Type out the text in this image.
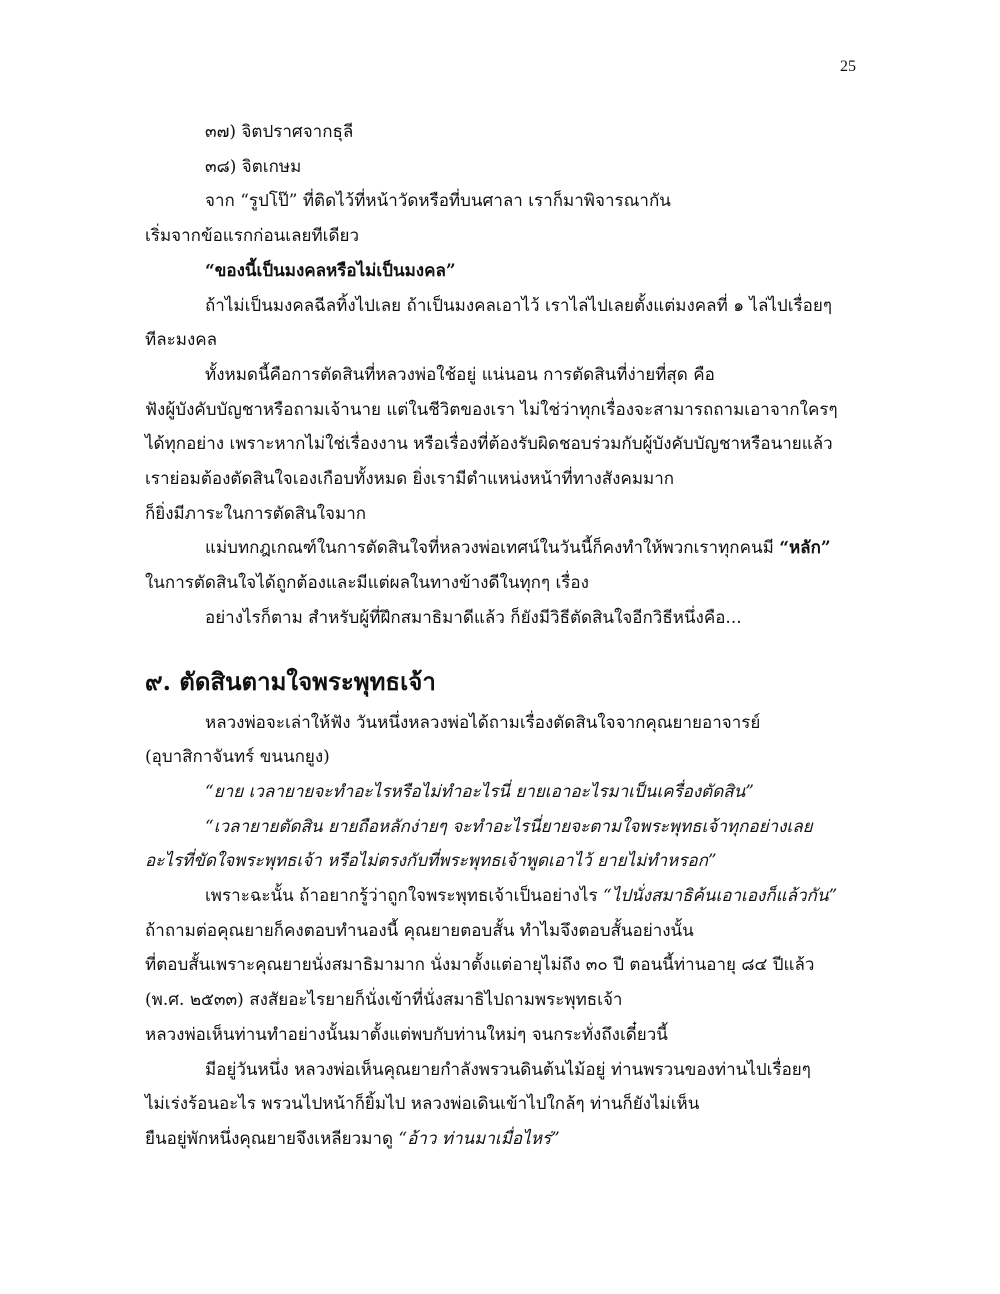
25

๓๗) จิตปราศจากธุลี

๓๘) จิตเกษม

จาก “รูปโป๊” ที่ติดไว้ที่หน้าวัดหรือที่บนศาลา เราก็มาพิจารณากัน

เริ่มจากข้อแรกก่อนเลยทีเดียว

“ของนี้เป็นมงคลหรือไม่เป็นมงคล”

ถ้าไม่เป็นมงคลฉีลทิ้งไปเลย ถ้าเป็นมงคลเอาไว้ เราไล่ไปเลยตั้งแต่มงคลที่ ๑ ไล่ไปเรื่อยๆ

ทีละมงคล

ทั้งหมดนี้คือการตัดสินที่หลวงพ่อใช้อยู่ แน่นอน การตัดสินที่ง่ายที่สุด คือ

ฟังผู้บังคับบัญชาหรือถามเจ้านาย แต่ในชีวิตของเรา ไม่ใช่ว่าทุกเรื่องจะสามารถถามเอาจากใครๆ

ได้ทุกอย่าง เพราะหากไม่ใช่เรื่องงาน หรือเรื่องที่ต้องรับผิดชอบร่วมกับผู้บังคับบัญชาหรือนายแล้ว

เราย่อมต้องตัดสินใจเองเกือบทั้งหมด ยิ่งเรามีตำแหน่งหน้าที่ทางสังคมมาก

ก็ยิ่งมีภาระในการตัดสินใจมาก

แม่บทกฎเกณฑ์ในการตัดสินใจที่หลวงพ่อเทศน์ในวันนี้ก็คงทำให้พวกเราทุกคนมี “หลัก”

ในการตัดสินใจได้ถูกต้องและมีแต่ผลในทางข้างดีในทุกๆ เรื่อง

อย่างไรก็ตาม สำหรับผู้ที่ฝึกสมาธิมาดีแล้ว ก็ยังมีวิธีตัดสินใจอีกวิธีหนึ่งคือ...

๙. ตัดสินตามใจพระพุทธเจ้า

หลวงพ่อจะเล่าให้ฟัง วันหนึ่งหลวงพ่อได้ถามเรื่องตัดสินใจจากคุณยายอาจารย์

(อุบาสิกาจันทร์ ขนนกยูง)

“ยาย เวลายายจะทำอะไรหรือไม่ทำอะไรนี่ ยายเอาอะไรมาเป็นเครื่องตัดสิน”

“เวลายายตัดสิน ยายถือหลักง่ายๆ จะทำอะไรนี่ยายจะตามใจพระพุทธเจ้าทุกอย่างเลย

อะไรที่ขัดใจพระพุทธเจ้า หรือไม่ตรงกับที่พระพุทธเจ้าพูดเอาไว้ ยายไม่ทำหรอก”

เพราะฉะนั้น ถ้าอยากรู้ว่าถูกใจพระพุทธเจ้าเป็นอย่างไร “ไปนั่งสมาธิค้นเอาเองก็แล้วกัน”

ถ้าถามต่อคุณยายก็คงตอบทำนองนี้ คุณยายตอบสั้น ทำไมจึงตอบสั้นอย่างนั้น

ที่ตอบสั้นเพราะคุณยายนั่งสมาธิมามาก นั่งมาตั้งแต่อายุไม่ถึง ๓๐ ปี ตอนนี้ท่านอายุ ๘๔ ปีแล้ว

(พ.ศ. ๒๕๓๓) สงสัยอะไรยายก็นั่งเข้าที่นั่งสมาธิไปถามพระพุทธเจ้า

หลวงพ่อเห็นท่านทำอย่างนั้นมาตั้งแต่พบกับท่านใหม่ๆ จนกระทั่งถึงเดี๋ยวนี้

มีอยู่วันหนึ่ง หลวงพ่อเห็นคุณยายกำลังพรวนดินต้นไม้อยู่ ท่านพรวนของท่านไปเรื่อยๆ

ไม่เร่งร้อนอะไร พรวนไปหน้าก็ยิ้มไป หลวงพ่อเดินเข้าไปใกล้ๆ ท่านก็ยังไม่เห็น

ยืนอยู่พักหนึ่งคุณยายจึงเหลียวมาดู “อ้าว ท่านมาเมื่อไหร่”
